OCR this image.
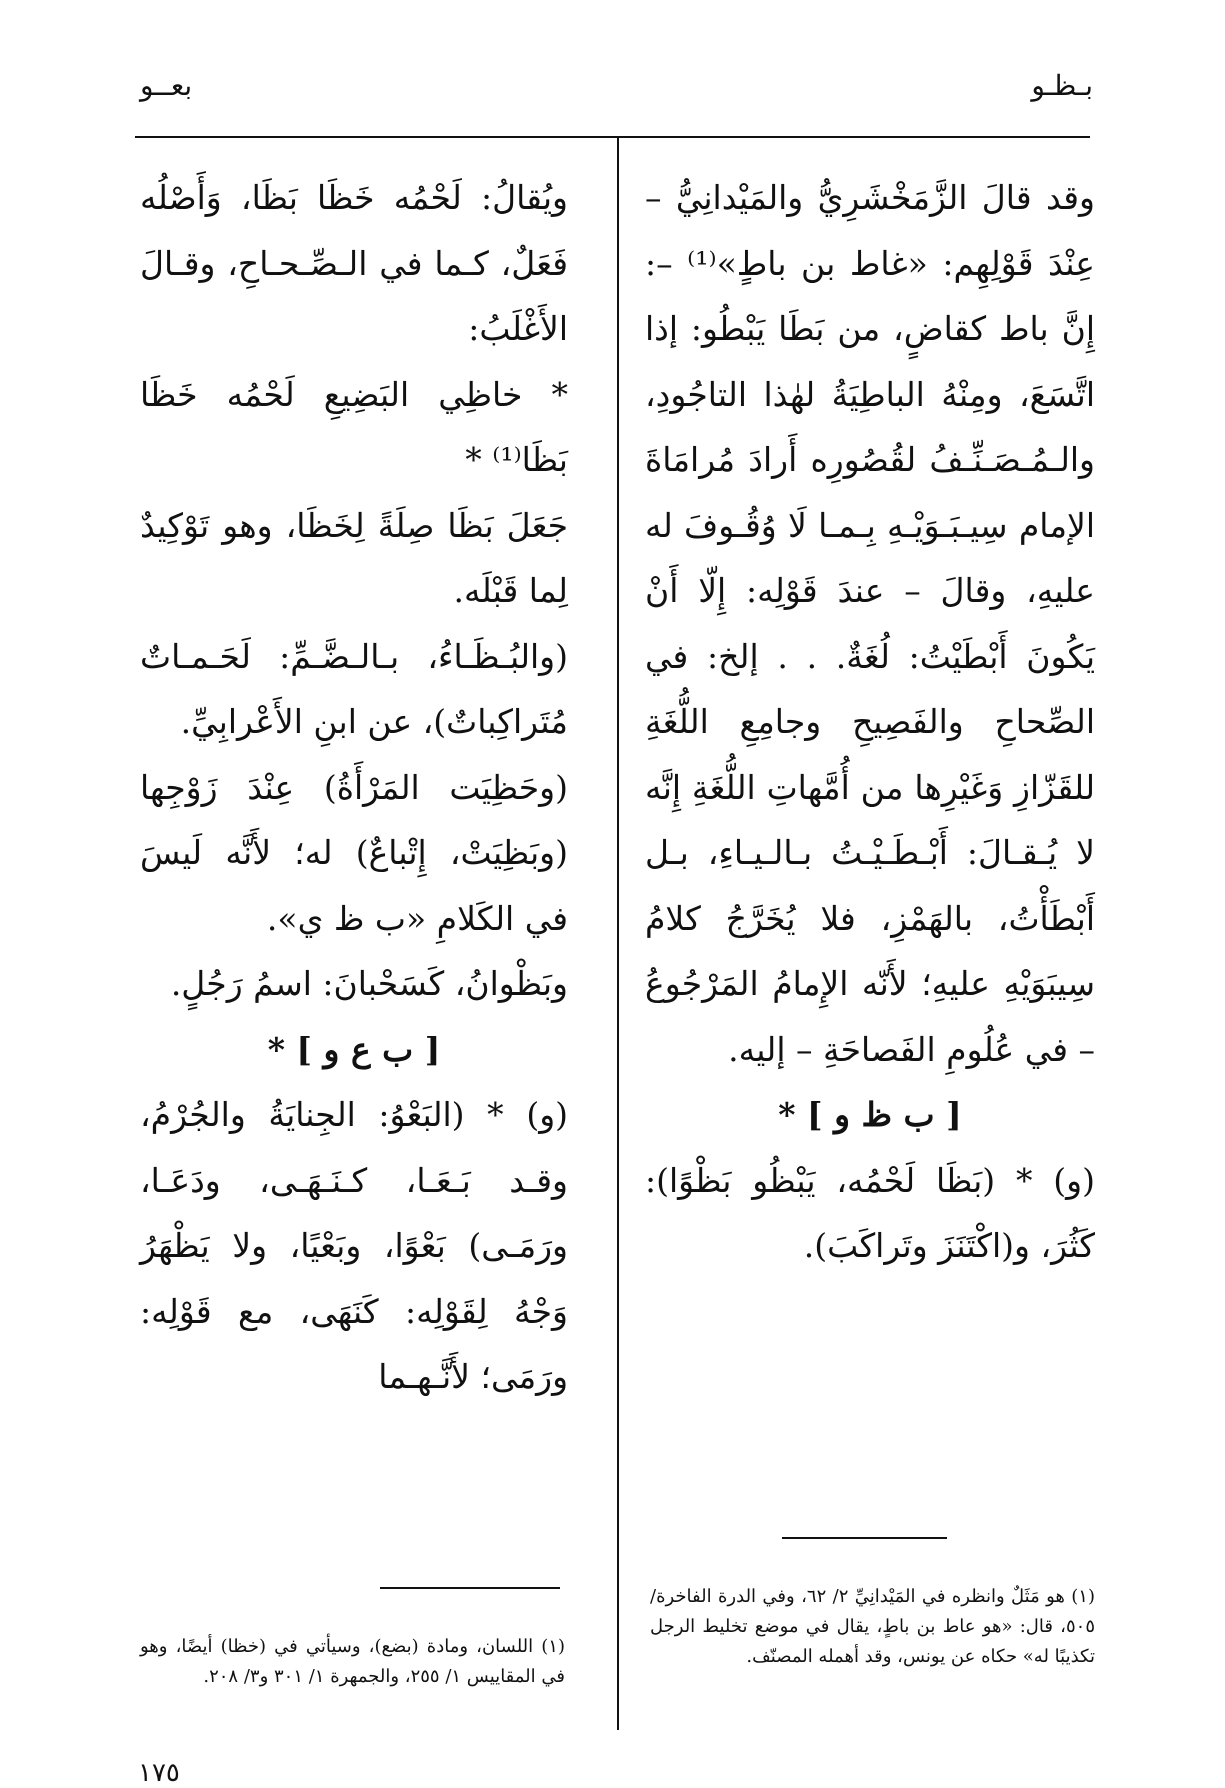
بـظـو
بعــو

وقد قالَ الزَّمَخْشَرِيُّ والمَيْدانِيُّ – عِنْدَ قَوْلِهِم: «غاط بن باطٍ»⁽¹⁾ –: إِنَّ باط كقاضٍ، من بَطَا يَبْطُو: إذا اتَّسَعَ، ومِنْهُ الباطِيَةُ لهٰذا التاجُودِ، والـمُـصَـنِّـفُ لقُصُورِه أَرادَ مُرامَاةَ الإمام سِيـبَـوَيْـهِ بِـمـا لَا وُقُـوفَ له عليهِ، وقالَ – عندَ قَوْلِه: إِلّا أَنْ يَكُونَ أَبْطَيْتُ: لُغَةٌ. . . إلخ: في الصِّحاحِ والفَصِيحِ وجامِعِ اللُّغَةِ للقَزّازِ وَغَيْرِها من أُمَّهاتِ اللُّغَةِ إِنَّه لا يُـقـالَ: أَبْـطَـيْـتُ بـالـيـاءِ، بـل أَبْطَأْتُ، بالهَمْزِ، فلا يُخَرَّجُ كلامُ سِيبَوَيْهِ عليهِ؛ لأَنّه الإِمامُ المَرْجُوعُ – في عُلُومِ الفَصاحَةِ – إليه.

[ ب ظ و ] *

(و) * (بَظَا لَحْمُه، يَبْظُو بَظْوًا): كَثُرَ، و(اكْتَنَزَ وتَراكَبَ).

ويُقالُ: لَحْمُه خَظَا بَظَا، وَأَصْلُه فَعَلٌ، كـما في الـصِّـحـاحِ، وقـالَ الأَغْلَبُ:

* خاظِي البَضِيعِ لَحْمُه خَظَا بَظَا⁽¹⁾ *

جَعَلَ بَظَا صِلَةً لِخَظَا، وهو تَوْكِيدٌ لِما قَبْلَه.

(والبُـظَـاءُ، بـالـضَّـمِّ: لَحَـمـاتٌ مُتَراكِباتٌ)، عن ابنِ الأَعْرابِيِّ.

(وحَظِيَت المَرْأَةُ) عِنْدَ زَوْجِها (وبَظِيَتْ، إِتْباعٌ) له؛ لأَنَّه لَيسَ في الكَلامِ «ب ظ ي».

وبَظْوانُ، كَسَحْبانَ: اسمُ رَجُلٍ.

[ ب ع و ] *

(و) * (البَعْوُ: الجِنايَةُ والجُرْمُ، وقـد بَـعَـا، كـنَـهَـى، ودَعَـا، ورَمَـى) بَعْوًا، وبَعْيًا، ولا يَظْهَرُ وَجْهُ لِقَوْلِه: كَنَهَى، مع قَوْلِه: ورَمَى؛ لأَنَّـهـما

(١) هو مَثَلٌ وانظره في المَيْدانِيِّ ٢/ ٦٢، وفي الدرة الفاخرة/ ٥٠٥، قال: «هو عاط بن باطٍ، يقال في موضع تخليط الرجل تكذيبًا له» حكاه عن يونس، وقد أهمله المصنّف.

(١) اللسان، ومادة (بضع)، وسيأتي في (خظا) أيضًا، وهو في المقاييس ١/ ٢٥٥، والجمهرة ١/ ٣٠١ و٣/ ٢٠٨.

١٧٥
